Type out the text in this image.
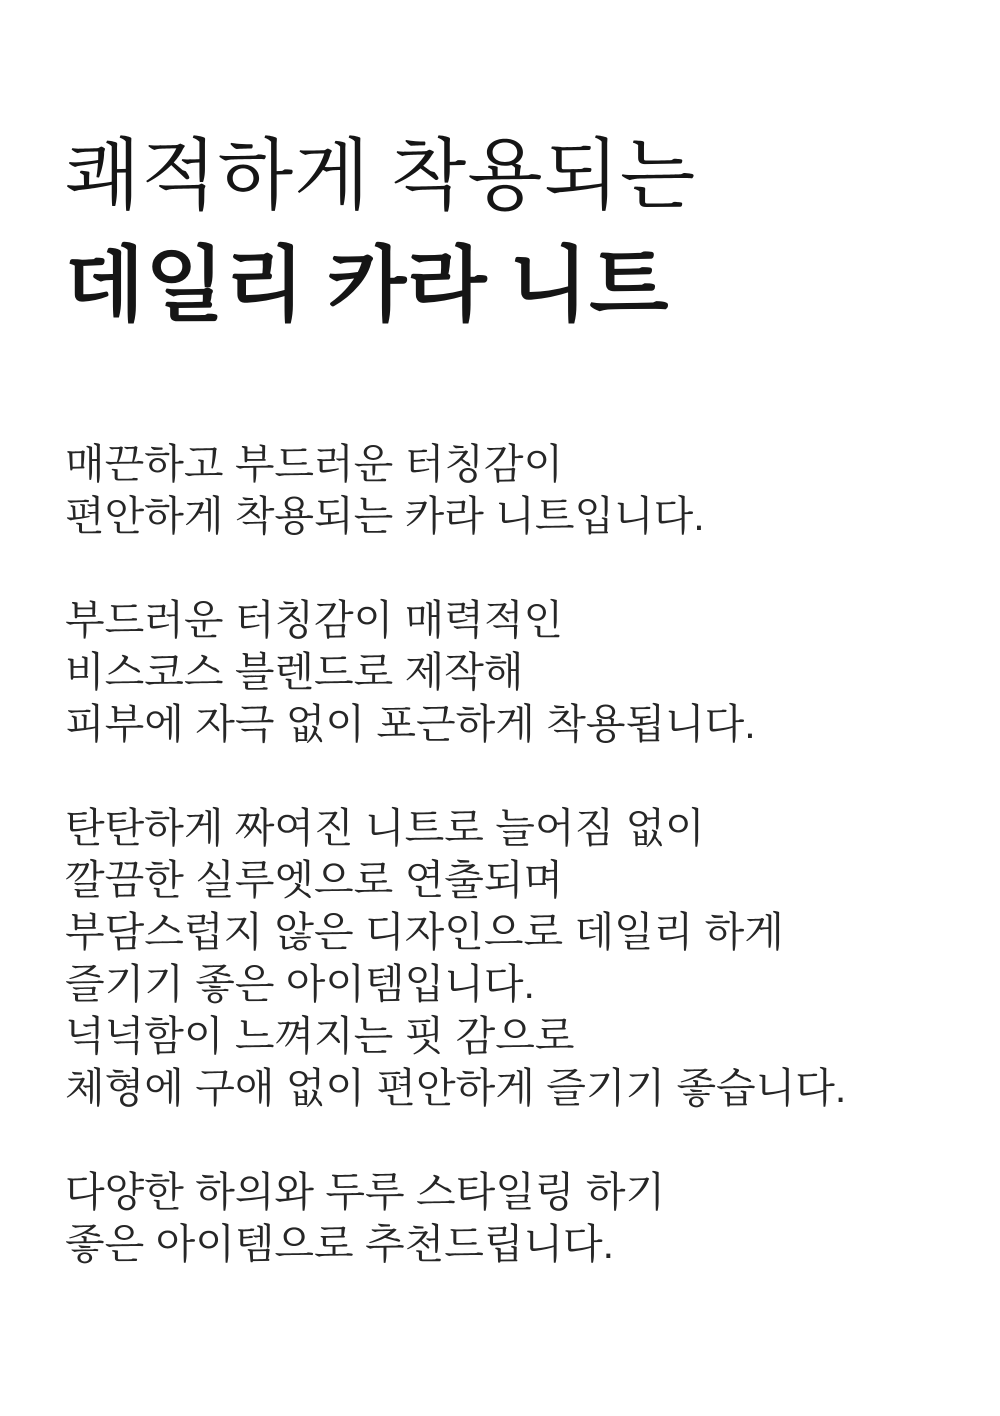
쾌적하게 착용되는
데일리 카라 니트
매끈하고 부드러운 터칭감이
편안하게 착용되는 카라 니트입니다.
부드러운 터칭감이 매력적인
비스코스 블렌드로 제작해
피부에 자극 없이 포근하게 착용됩니다.
탄탄하게 짜여진 니트로 늘어짐 없이
깔끔한 실루엣으로 연출되며
부담스럽지 않은 디자인으로 데일리 하게
즐기기 좋은 아이템입니다.
넉넉함이 느껴지는 핏 감으로
체형에 구애 없이 편안하게 즐기기 좋습니다.
다양한 하의와 두루 스타일링 하기
좋은 아이템으로 추천드립니다.
